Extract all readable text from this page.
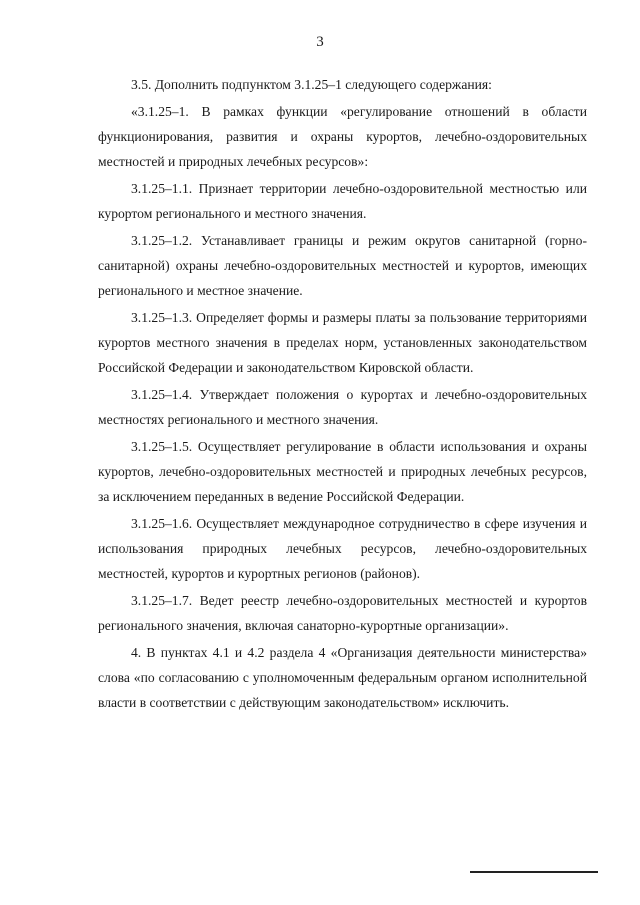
3

3.5. Дополнить подпунктом 3.1.25–1 следующего содержания:

«3.1.25–1. В рамках функции «регулирование отношений в области функционирования, развития и охраны курортов, лечебно-оздоровительных местностей и природных лечебных ресурсов»:

3.1.25–1.1. Признает территории лечебно-оздоровительной местностью или курортом регионального и местного значения.

3.1.25–1.2. Устанавливает границы и режим округов санитарной (горно-санитарной) охраны лечебно-оздоровительных местностей и курортов, имеющих регионального и местное значение.

3.1.25–1.3. Определяет формы и размеры платы за пользование территориями курортов местного значения в пределах норм, установленных законодательством Российской Федерации и законодательством Кировской области.

3.1.25–1.4. Утверждает положения о курортах и лечебно-оздоровительных местностях регионального и местного значения.

3.1.25–1.5. Осуществляет регулирование в области использования и охраны курортов, лечебно-оздоровительных местностей и природных лечебных ресурсов, за исключением переданных в ведение Российской Федерации.

3.1.25–1.6. Осуществляет международное сотрудничество в сфере изучения и использования природных лечебных ресурсов, лечебно-оздоровительных местностей, курортов и курортных регионов (районов).

3.1.25–1.7. Ведет реестр лечебно-оздоровительных местностей и курортов регионального значения, включая санаторно-курортные организации».

4. В пунктах 4.1 и 4.2 раздела 4 «Организация деятельности министерства» слова «по согласованию с уполномоченным федеральным органом исполнительной власти в соответствии с действующим законодательством» исключить.
